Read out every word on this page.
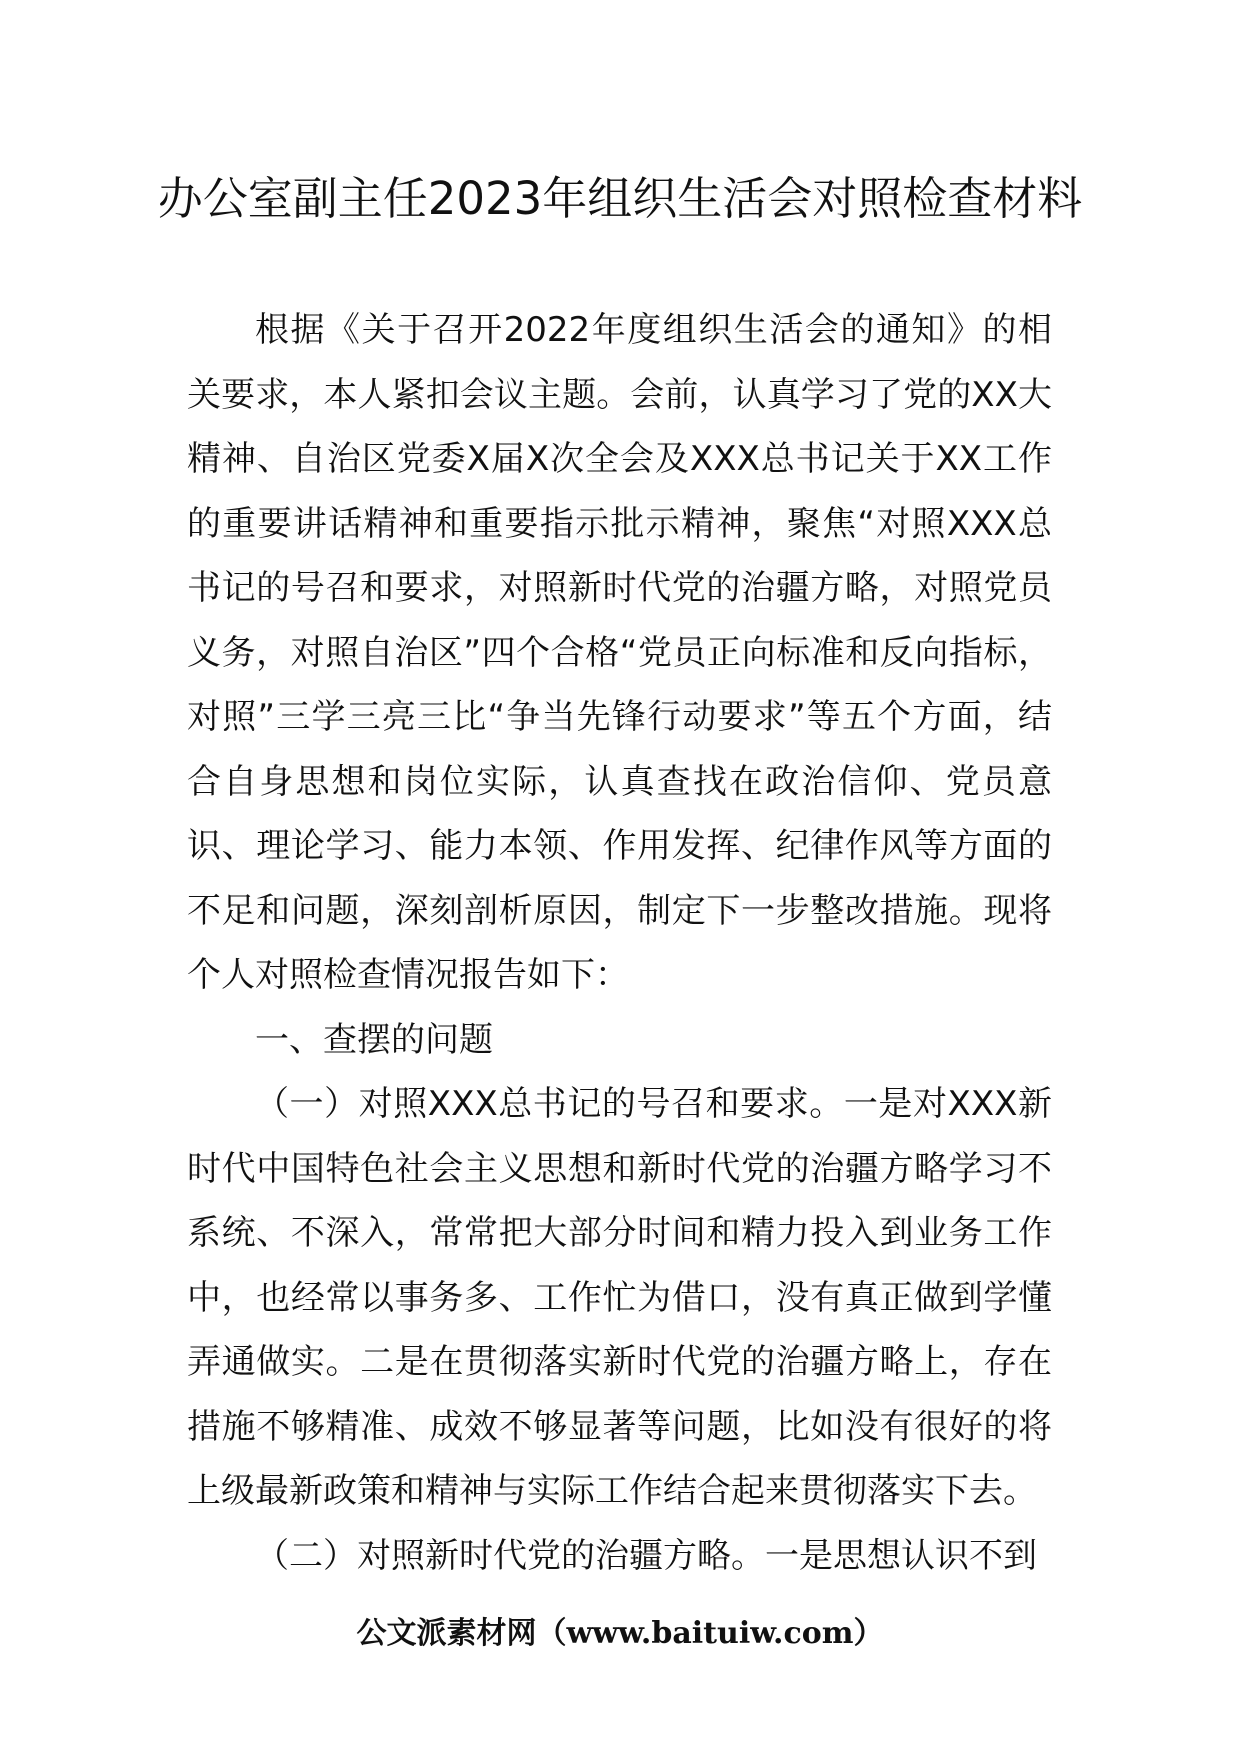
办公室副主任2023年组织生活会对照检查材料

根据《关于召开2022年度组织生活会的通知》的相关要求，本人紧扣会议主题。会前，认真学习了党的XX大精神、自治区党委X届X次全会及XXX总书记关于XX工作的重要讲话精神和重要指示批示精神，聚焦“对照XXX总书记的号召和要求，对照新时代党的治疆方略，对照党员义务，对照自治区”四个合格“党员正向标准和反向指标，对照”三学三亮三比“争当先锋行动要求”等五个方面，结合自身思想和岗位实际，认真查找在政治信仰、党员意识、理论学习、能力本领、作用发挥、纪律作风等方面的不足和问题，深刻剖析原因，制定下一步整改措施。现将个人对照检查情况报告如下：

一、查摆的问题

（一）对照XXX总书记的号召和要求。一是对XXX新时代中国特色社会主义思想和新时代党的治疆方略学习不系统、不深入，常常把大部分时间和精力投入到业务工作中，也经常以事务多、工作忙为借口，没有真正做到学懂弄通做实。二是在贯彻落实新时代党的治疆方略上，存在措施不够精准、成效不够显著等问题，比如没有很好的将上级最新政策和精神与实际工作结合起来贯彻落实下去。

（二）对照新时代党的治疆方略。一是思想认识不到

公文派素材网（www.baituiw.com）
